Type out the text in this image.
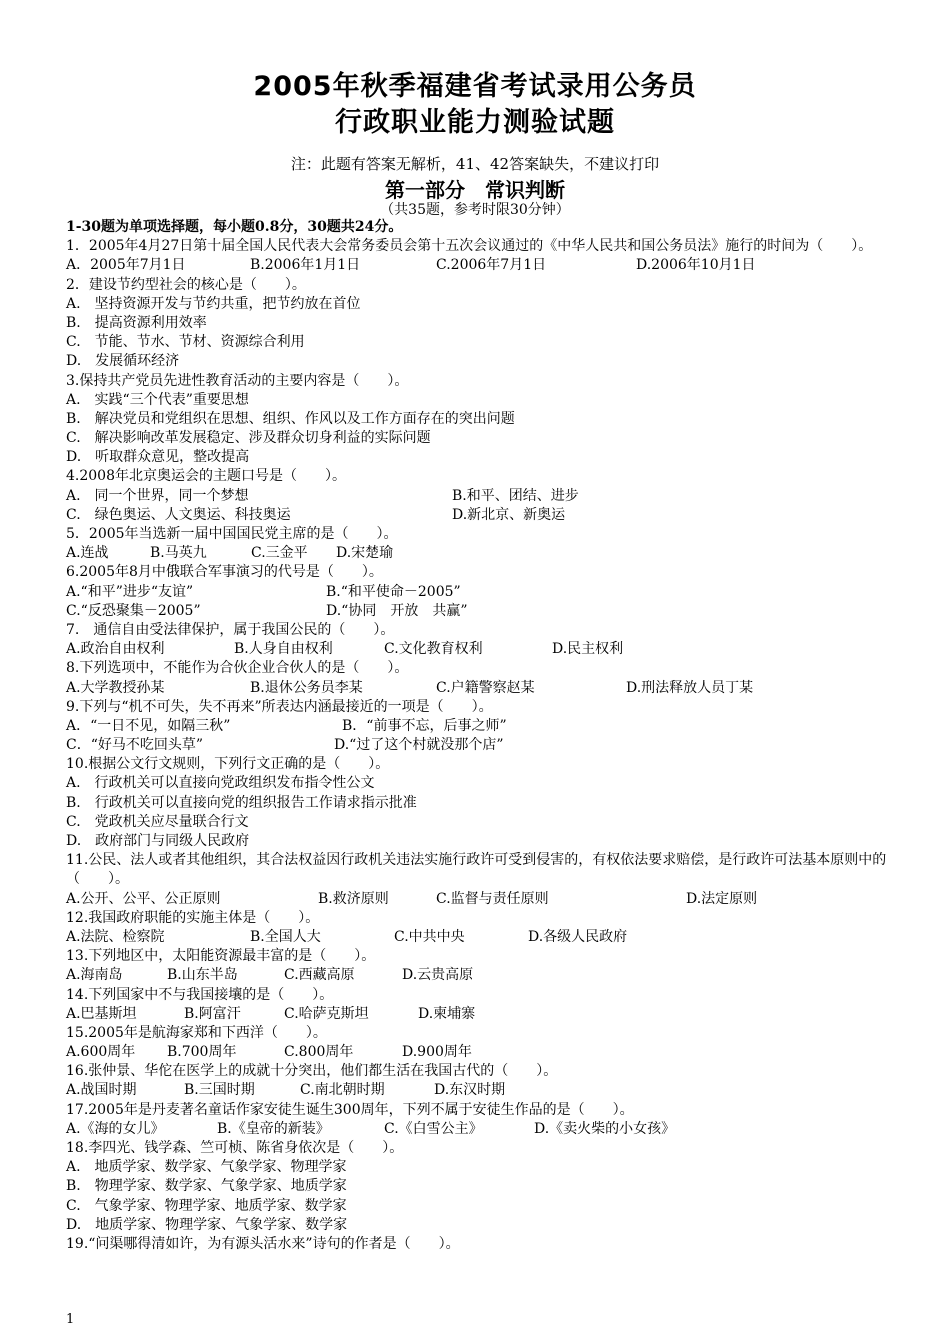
2005年秋季福建省考试录用公务员
行政职业能力测验试题
注：此题有答案无解析，41、42答案缺失，不建议打印
第一部分　常识判断
（共35题，参考时限30分钟）
1-30题为单项选择题，每小题0.8分，30题共24分。
1．2005年4月27日第十届全国人民代表大会常务委员会第十五次会议通过的《中华人民共和国公务员法》施行的时间为（　　）。
A．2005年7月1日	B.2006年1月1日	C.2006年7月1日	D.2006年10月1日
2．建设节约型社会的核心是（　　）。
A.　坚持资源开发与节约共重，把节约放在首位
B.　提高资源利用效率
C.　节能、节水、节材、资源综合利用
D.　发展循环经济
3.保持共产党员先进性教育活动的主要内容是（　　）。
A.　实践“三个代表”重要思想
B.　解决党员和党组织在思想、组织、作风以及工作方面存在的突出问题
C.　解决影响改革发展稳定、涉及群众切身利益的实际问题
D.　听取群众意见，整改提高
4.2008年北京奥运会的主题口号是（　　）。
A.　同一个世界，同一个梦想	B.和平、团结、进步
C.　绿色奥运、人文奥运、科技奥运	D.新北京、新奥运
5．2005年当选新一届中国国民党主席的是（　　）。
A.连战	B.马英九	C.三金平 D.宋楚瑜
6.2005年8月中俄联合军事演习的代号是（　　）。
A.“和平”进步“友谊”	B.“和平使命－2005”
C.“反恐聚集－2005”	D.“协同　开放　共赢”
7.　通信自由受法律保护，属于我国公民的（　　）。
A.政治自由权利	B.人身自由权利	C.文化教育权利	D.民主权利
8.下列选项中，不能作为合伙企业合伙人的是（　　）。
A.大学教授孙某	B.退休公务员李某	C.户籍警察赵某	D.刑法释放人员丁某
9.下列与“机不可失，失不再来”所表达内涵最接近的一项是（　　）。
A．“一日不见，如隔三秋”	B．“前事不忘，后事之师”
C．“好马不吃回头草”	D.“过了这个村就没那个店”
10.根据公文行文规则，下列行文正确的是（　　）。
A.　行政机关可以直接向党政组织发布指令性公文
B.　行政机关可以直接向党的组织报告工作请求指示批准
C.　党政机关应尽量联合行文
D.　政府部门与同级人民政府
11.公民、法人或者其他组织，其合法权益因行政机关违法实施行政许可受到侵害的，有权依法要求赔偿，是行政许可法基本原则中的（　　）。
A.公开、公平、公正原则	B.救济原则	C.监督与责任原则	D.法定原则
12.我国政府职能的实施主体是（　　）。
A.法院、检察院	B.全国人大	C.中共中央	D.各级人民政府
13.下列地区中，太阳能资源最丰富的是（　　）。
A.海南岛	B.山东半岛	C.西藏高原	D.云贵高原
14.下列国家中不与我国接壤的是（　　）。
A.巴基斯坦	B.阿富汗	C.哈萨克斯坦	D.柬埔寨
15.2005年是航海家郑和下西洋（　　）。
A.600周年 B.700周年	C.800周年	D.900周年
16.张仲景、华佗在医学上的成就十分突出，他们都生活在我国古代的（　　）。
A.战国时期	B.三国时期	C.南北朝时期	D.东汉时期
17.2005年是丹麦著名童话作家安徒生诞生300周年，下列不属于安徒生作品的是（　　）。
A.《海的女儿》	B.《皇帝的新装》	C.《白雪公主》	D.《卖火柴的小女孩》
18.李四光、钱学森、竺可桢、陈省身依次是（　　）。
A.　地质学家、数学家、气象学家、物理学家
B.　物理学家、数学家、气象学家、地质学家
C.　气象学家、物理学家、地质学家、数学家
D.　地质学家、物理学家、气象学家、数学家
19.“问渠哪得清如许，为有源头活水来”诗句的作者是（　　）。
1
